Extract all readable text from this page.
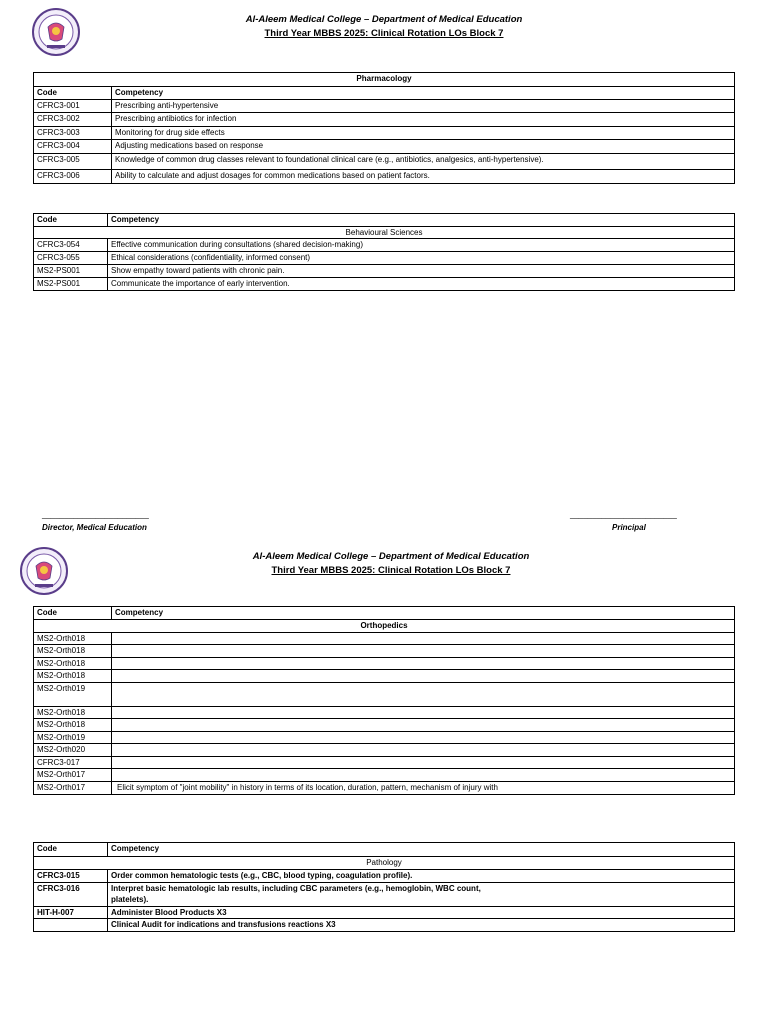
Al-Aleem Medical College – Department of Medical Education
Third Year MBBS 2025: Clinical Rotation LOs Block 7
Pharmacology	
Code	Competency
CFRC3-001	Prescribing anti-hypertensive
CFRC3-002	Prescribing antibiotics for infection
CFRC3-003	Monitoring for drug side effects
CFRC3-004	Adjusting medications based on response
CFRC3-005	Knowledge of common drug classes relevant to foundational clinical care (e.g., antibiotics, analgesics, anti-hypertensive).
CFRC3-006	Ability to calculate and adjust dosages for common medications based on patient factors.
Code	Competency
Behavioural Sciences	
CFRC3-054	Effective communication during consultations (shared decision-making)
CFRC3-055	Ethical considerations (confidentiality, informed consent)
MS2-PS001	Show empathy toward patients with chronic pain.
MS2-PS001	Communicate the importance of early intervention.
________________________
Director, Medical Education
________________________
Principal
Al-Aleem Medical College – Department of Medical Education
Third Year MBBS 2025: Clinical Rotation LOs Block 7
Code	Competency
Orthopedics	
MS2-Orth018	
MS2-Orth018	
MS2-Orth018	
MS2-Orth018	
MS2-Orth019	
MS2-Orth018	
MS2-Orth018	
MS2-Orth019	
MS2-Orth020	
CFRC3-017	
MS2-Orth017	
MS2-Orth017	Elicit symptom of "joint mobility" in history in terms of its location, duration, pattern, mechanism of injury with
Code	Competency
Pathology	
CFRC3-015	Order common hematologic tests (e.g., CBC, blood typing, coagulation profile).
CFRC3-016	Interpret basic hematologic lab results, including CBC parameters (e.g., hemoglobin, WBC count,
platelets).

HIT-H-007	Administer Blood Products X3
	Clinical Audit for indications and transfusions reactions X3
